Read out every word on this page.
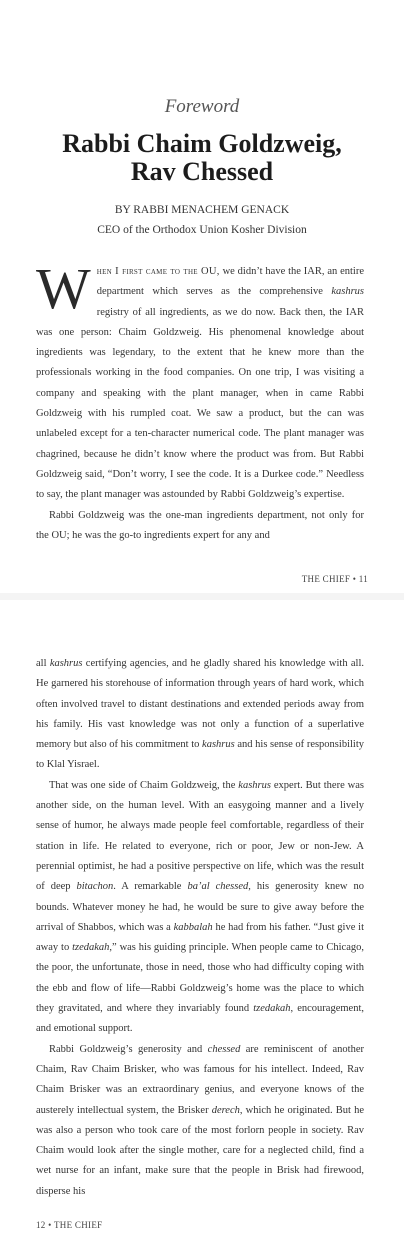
Foreword
Rabbi Chaim Goldzweig,
Rav Chessed
BY RABBI MENACHEM GENACK
CEO of the Orthodox Union Kosher Division

When I first came to the OU, we didn’t have the IAR, an entire department which serves as the comprehensive kashrus registry of all ingredients, as we do now. Back then, the IAR was one person: Chaim Goldzweig. His phenomenal knowledge about ingredients was legendary, to the extent that he knew more than the professionals working in the food companies. On one trip, I was visiting a company and speaking with the plant manager, when in came Rabbi Goldzweig with his rumpled coat. We saw a product, but the can was unlabeled except for a ten-character numerical code. The plant manager was chagrined, because he didn’t know where the product was from. But Rabbi Goldzweig said, “Don’t worry, I see the code. It is a Durkee code.” Needless to say, the plant manager was astounded by Rabbi Goldzweig’s expertise.

Rabbi Goldzweig was the one-man ingredients department, not only for the OU; he was the go-to ingredients expert for any and

THE CHIEF • 11

all kashrus certifying agencies, and he gladly shared his knowledge with all. He garnered his storehouse of information through years of hard work, which often involved travel to distant destinations and extended periods away from his family. His vast knowledge was not only a function of a superlative memory but also of his commitment to kashrus and his sense of responsibility to Klal Yisrael.

That was one side of Chaim Goldzweig, the kashrus expert. But there was another side, on the human level. With an easygoing manner and a lively sense of humor, he always made people feel comfortable, regardless of their station in life. He related to everyone, rich or poor, Jew or non-Jew. A perennial optimist, he had a positive perspective on life, which was the result of deep bitachon. A remarkable ba’al chessed, his generosity knew no bounds. Whatever money he had, he would be sure to give away before the arrival of Shabbos, which was a kabbalah he had from his father. “Just give it away to tzedakah,” was his guiding principle. When people came to Chicago, the poor, the unfortunate, those in need, those who had difficulty coping with the ebb and flow of life—Rabbi Goldzweig’s home was the place to which they gravitated, and where they invariably found tzedakah, encouragement, and emotional support.

Rabbi Goldzweig’s generosity and chessed are reminiscent of another Chaim, Rav Chaim Brisker, who was famous for his intellect. Indeed, Rav Chaim Brisker was an extraordinary genius, and everyone knows of the austerely intellectual system, the Brisker derech, which he originated. But he was also a person who took care of the most forlorn people in society. Rav Chaim would look after the single mother, care for a neglected child, find a wet nurse for an infant, make sure that the people in Brisk had firewood, disperse his

12 • THE CHIEF
